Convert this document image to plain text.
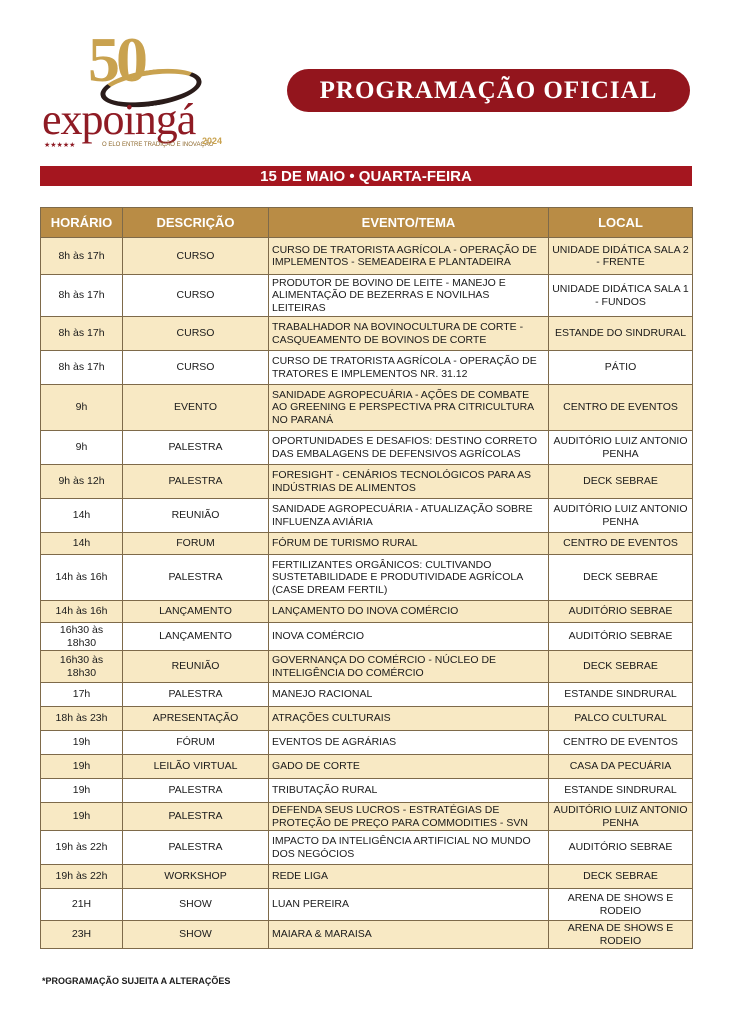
50
expoingá
★★★★★	O ELO ENTRE TRADIÇÃO E INOVAÇÃO
2024
PROGRAMAÇÃO OFICIAL
15 DE MAIO • QUARTA-FEIRA
HORÁRIO	DESCRIÇÃO	EVENTO/TEMA	LOCAL
8h às 17h	CURSO	CURSO DE TRATORISTA AGRÍCOLA - OPERAÇÃO DE IMPLEMENTOS - SEMEADEIRA E PLANTADEIRA	UNIDADE DIDÁTICA SALA 2 - FRENTE
8h às 17h	CURSO	PRODUTOR DE BOVINO DE LEITE - MANEJO E ALIMENTAÇÃO DE BEZERRAS E NOVILHAS LEITEIRAS	UNIDADE DIDÁTICA SALA 1 - FUNDOS
8h às 17h	CURSO	TRABALHADOR NA BOVINOCULTURA DE CORTE - CASQUEAMENTO DE BOVINOS DE CORTE	ESTANDE DO SINDRURAL
8h às 17h	CURSO	CURSO DE TRATORISTA AGRÍCOLA - OPERAÇÃO DE TRATORES E IMPLEMENTOS NR. 31.12	PÁTIO
9h	EVENTO	SANIDADE AGROPECUÁRIA - AÇÕES DE COMBATE AO GREENING E PERSPECTIVA PRA CITRICULTURA NO PARANÁ	CENTRO DE EVENTOS
9h	PALESTRA	OPORTUNIDADES E DESAFIOS: DESTINO CORRETO DAS EMBALAGENS DE DEFENSIVOS AGRÍCOLAS	AUDITÓRIO LUIZ ANTONIO PENHA
9h às 12h	PALESTRA	FORESIGHT - CENÁRIOS TECNOLÓGICOS PARA AS INDÚSTRIAS DE ALIMENTOS	DECK SEBRAE
14h	REUNIÃO	SANIDADE AGROPECUÁRIA - ATUALIZAÇÃO SOBRE INFLUENZA AVIÁRIA	AUDITÓRIO LUIZ ANTONIO PENHA
14h	FORUM	FÓRUM DE TURISMO RURAL	CENTRO DE EVENTOS
14h às 16h	PALESTRA	FERTILIZANTES ORGÂNICOS: CULTIVANDO SUSTETABILIDADE E PRODUTIVIDADE AGRÍCOLA (CASE DREAM FERTIL)	DECK SEBRAE
14h às 16h	LANÇAMENTO	LANÇAMENTO DO INOVA COMÉRCIO	AUDITÓRIO SEBRAE
16h30 às 18h30	LANÇAMENTO	INOVA COMÉRCIO	AUDITÓRIO SEBRAE
16h30 às 18h30	REUNIÃO	GOVERNANÇA DO COMÉRCIO - NÚCLEO DE INTELIGÊNCIA DO COMÉRCIO	DECK SEBRAE
17h	PALESTRA	MANEJO RACIONAL	ESTANDE SINDRURAL
18h às 23h	APRESENTAÇÃO	ATRAÇÕES CULTURAIS	PALCO CULTURAL
19h	FÓRUM	EVENTOS DE AGRÁRIAS	CENTRO DE EVENTOS
19h	LEILÃO VIRTUAL	GADO DE CORTE	CASA DA PECUÁRIA
19h	PALESTRA	TRIBUTAÇÃO RURAL	ESTANDE SINDRURAL
19h	PALESTRA	DEFENDA SEUS LUCROS - ESTRATÉGIAS DE PROTEÇÃO DE PREÇO PARA COMMODITIES - SVN	AUDITÓRIO LUIZ ANTONIO PENHA
19h às 22h	PALESTRA	IMPACTO DA INTELIGÊNCIA ARTIFICIAL NO MUNDO DOS NEGÓCIOS	AUDITÓRIO SEBRAE
19h às 22h	WORKSHOP	REDE LIGA	DECK SEBRAE
21H	SHOW	LUAN PEREIRA	ARENA DE SHOWS E RODEIO
23H	SHOW	MAIARA & MARAISA	ARENA DE SHOWS E RODEIO
*PROGRAMAÇÃO SUJEITA A ALTERAÇÕES
